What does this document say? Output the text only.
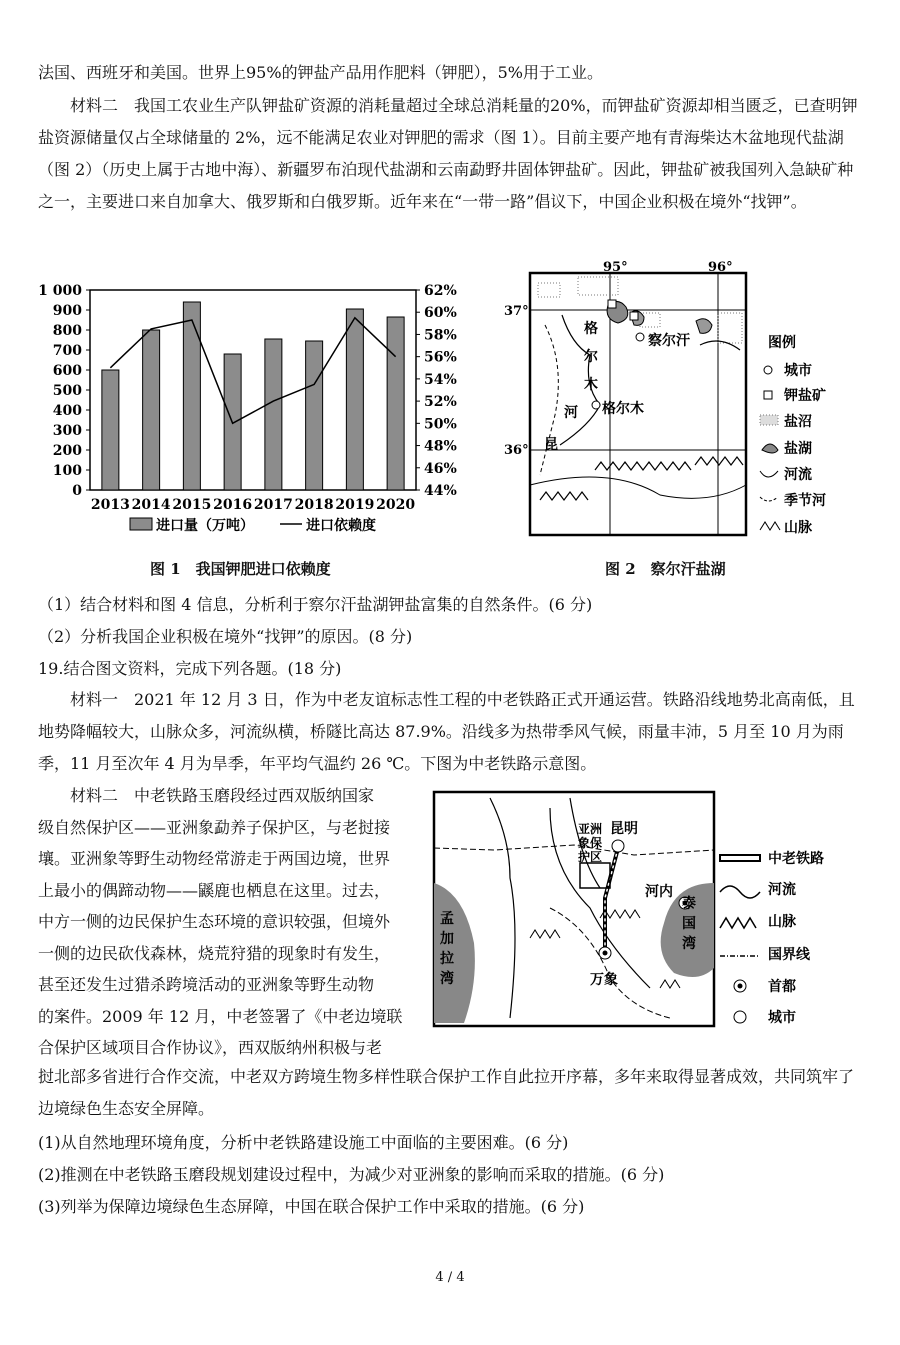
法国、西班牙和美国。世界上95%的钾盐产品用作肥料（钾肥），5%用于工业。
材料二　我国工农业生产队钾盐矿资源的消耗量超过全球总消耗量的20%，而钾盐矿资源却相当匮乏，已查明钾盐资源储量仅占全球储量的 2%，远不能满足农业对钾肥的需求（图 1）。目前主要产地有青海柴达木盆地现代盐湖（图 2）（历史上属于古地中海）、新疆罗布泊现代盐湖和云南勐野井固体钾盐矿。因此，钾盐矿被我国列入急缺矿种之一，主要进口来自加拿大、俄罗斯和白俄罗斯。近年来在“一带一路”倡议下，中国企业积极在境外“找钾”。
1 000
900
800
700
600
500
400
300
200
100
0
62%
60%
58%
56%
54%
52%
50%
48%
46%
44%
2013 2014 2015 2016 2017 2018 2019 2020
进口量（万吨）	进口依赖度
图 1　我国钾肥进口依赖度
95°	96°
37°
36°
察尔汗
格尔木
格
尔
木
河
昆
图例
城市
钾盐矿
盐沼
盐湖
河流
季节河
山脉
图 2　察尔汗盐湖
（1）结合材料和图 4 信息，分析利于察尔汗盐湖钾盐富集的自然条件。(6 分)
（2）分析我国企业积极在境外“找钾”的原因。(8 分)
19.结合图文资料，完成下列各题。(18 分)
材料一　2021 年 12 月 3 日，作为中老友谊标志性工程的中老铁路正式开通运营。铁路沿线地势北高南低，且地势降幅较大，山脉众多，河流纵横，桥隧比高达 87.9%。沿线多为热带季风气候，雨量丰沛，5 月至 10 月为雨季，11 月至次年 4 月为旱季，年平均气温约 26 ℃。下图为中老铁路示意图。
材料二　中老铁路玉磨段经过西双版纳国家
级自然保护区——亚洲象勐养子保护区，与老挝接
壤。亚洲象等野生动物经常游走于两国边境，世界
上最小的偶蹄动物——鼷鹿也栖息在这里。过去，
中方一侧的边民保护生态环境的意识较强，但境外
一侧的边民砍伐森林，烧荒狩猎的现象时有发生，
甚至还发生过猎杀跨境活动的亚洲象等野生动物
的案件。2009 年 12 月，中老签署了《中老边境联
合保护区域项目合作协议》，西双版纳州积极与老
挝北部多省进行合作交流，中老双方跨境生物多样性联合保护工作自此拉开序幕，多年来取得显著成效，共同筑牢了边境绿色生态安全屏障。
亚洲
象保
护区
昆明
河内
万象
孟
加
拉
湾
泰
国
湾
中老铁路
河流
山脉
国界线
首都
城市
(1)从自然地理环境角度，分析中老铁路建设施工中面临的主要困难。(6 分)
(2)推测在中老铁路玉磨段规划建设过程中，为减少对亚洲象的影响而采取的措施。(6 分)
(3)列举为保障边境绿色生态屏障，中国在联合保护工作中采取的措施。(6 分)
4 / 4
